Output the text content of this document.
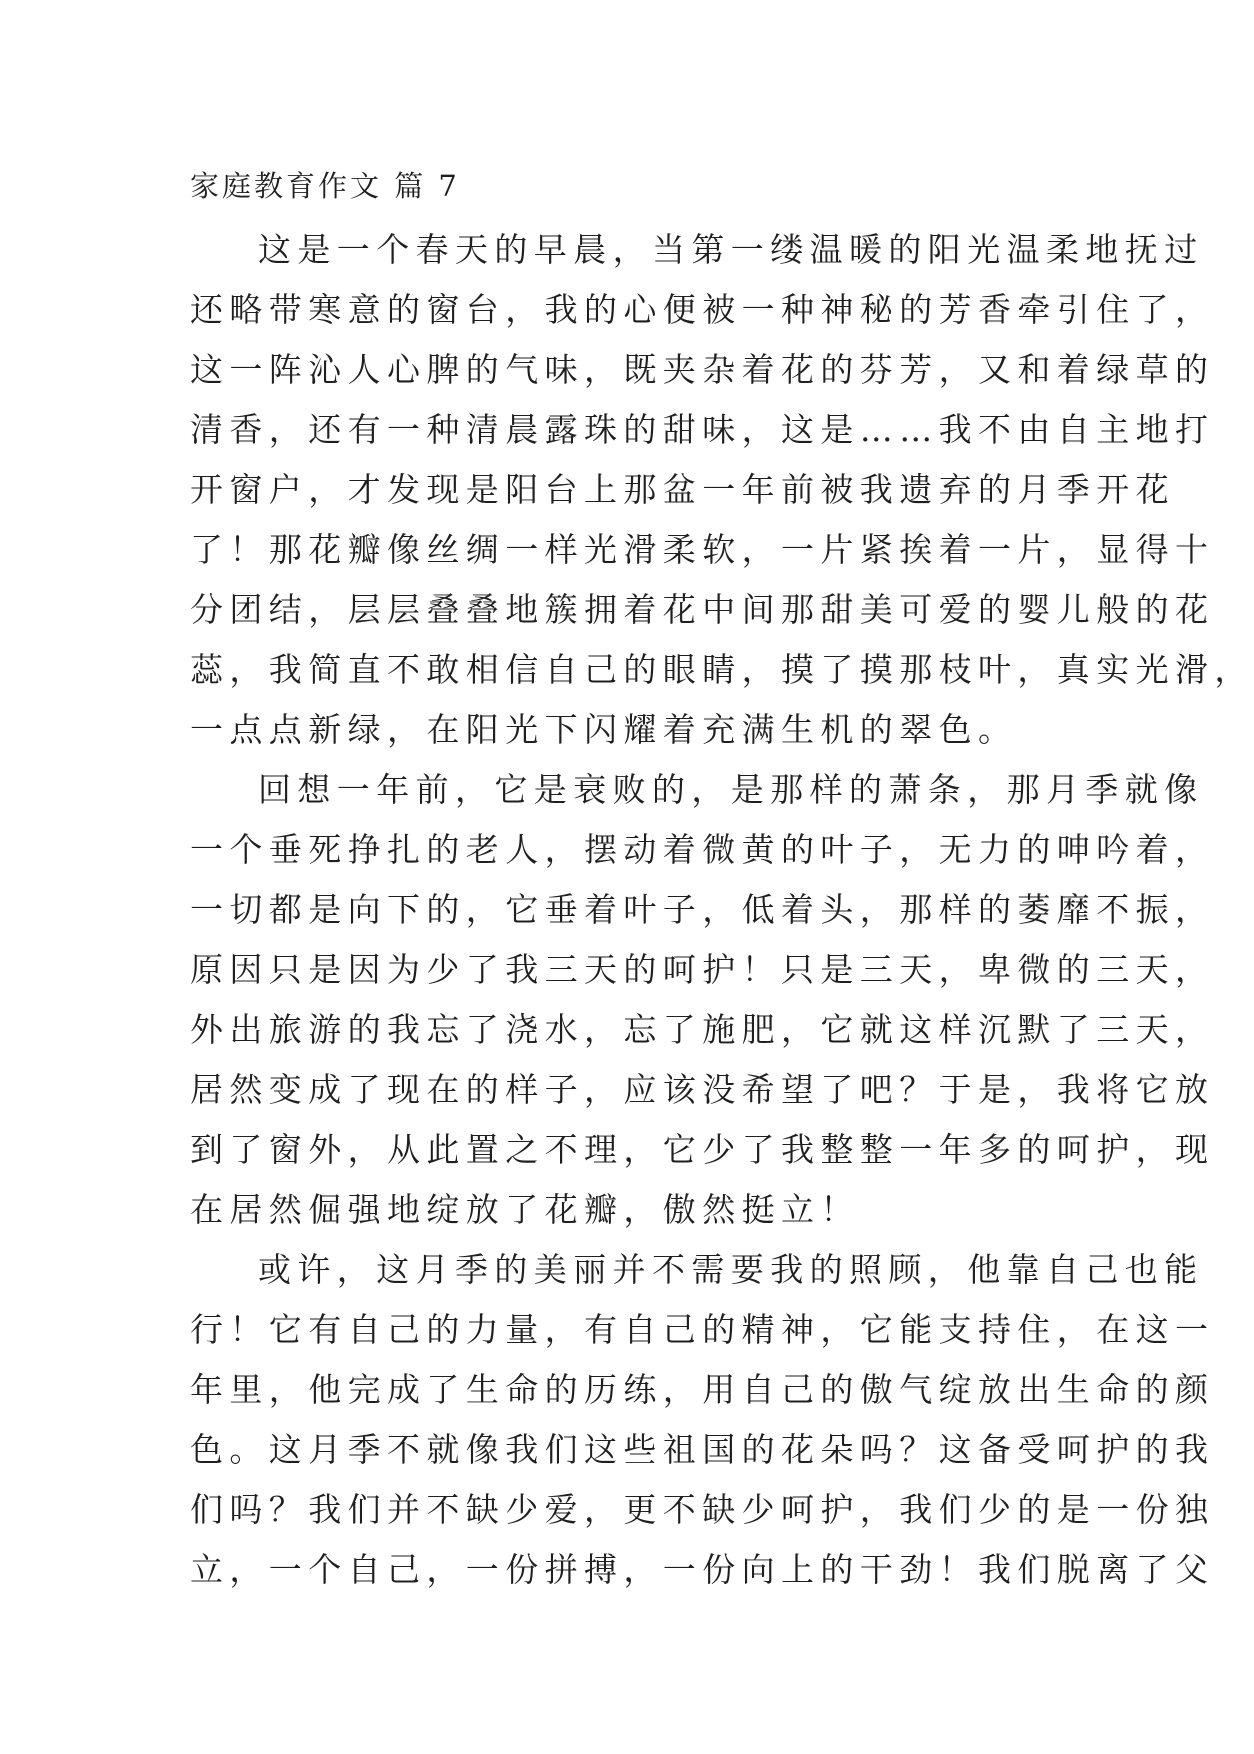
家庭教育作文 篇 7
这是一个春天的早晨，当第一缕温暖的阳光温柔地抚过
还略带寒意的窗台，我的心便被一种神秘的芳香牵引住了，
这一阵沁人心脾的气味，既夹杂着花的芬芳，又和着绿草的
清香，还有一种清晨露珠的甜味，这是……我不由自主地打
开窗户，才发现是阳台上那盆一年前被我遗弃的月季开花
了！那花瓣像丝绸一样光滑柔软，一片紧挨着一片，显得十
分团结，层层叠叠地簇拥着花中间那甜美可爱的婴儿般的花
蕊，我简直不敢相信自己的眼睛，摸了摸那枝叶，真实光滑，
一点点新绿，在阳光下闪耀着充满生机的翠色。
回想一年前，它是衰败的，是那样的萧条，那月季就像
一个垂死挣扎的老人，摆动着微黄的叶子，无力的呻吟着，
一切都是向下的，它垂着叶子，低着头，那样的萎靡不振，
原因只是因为少了我三天的呵护！只是三天，卑微的三天，
外出旅游的我忘了浇水，忘了施肥，它就这样沉默了三天，
居然变成了现在的样子，应该没希望了吧？于是，我将它放
到了窗外，从此置之不理，它少了我整整一年多的呵护，现
在居然倔强地绽放了花瓣，傲然挺立！
或许，这月季的美丽并不需要我的照顾，他靠自己也能
行！它有自己的力量，有自己的精神，它能支持住，在这一
年里，他完成了生命的历练，用自己的傲气绽放出生命的颜
色。这月季不就像我们这些祖国的花朵吗？这备受呵护的我
们吗？我们并不缺少爱，更不缺少呵护，我们少的是一份独
立，一个自己，一份拼搏，一份向上的干劲！我们脱离了父
